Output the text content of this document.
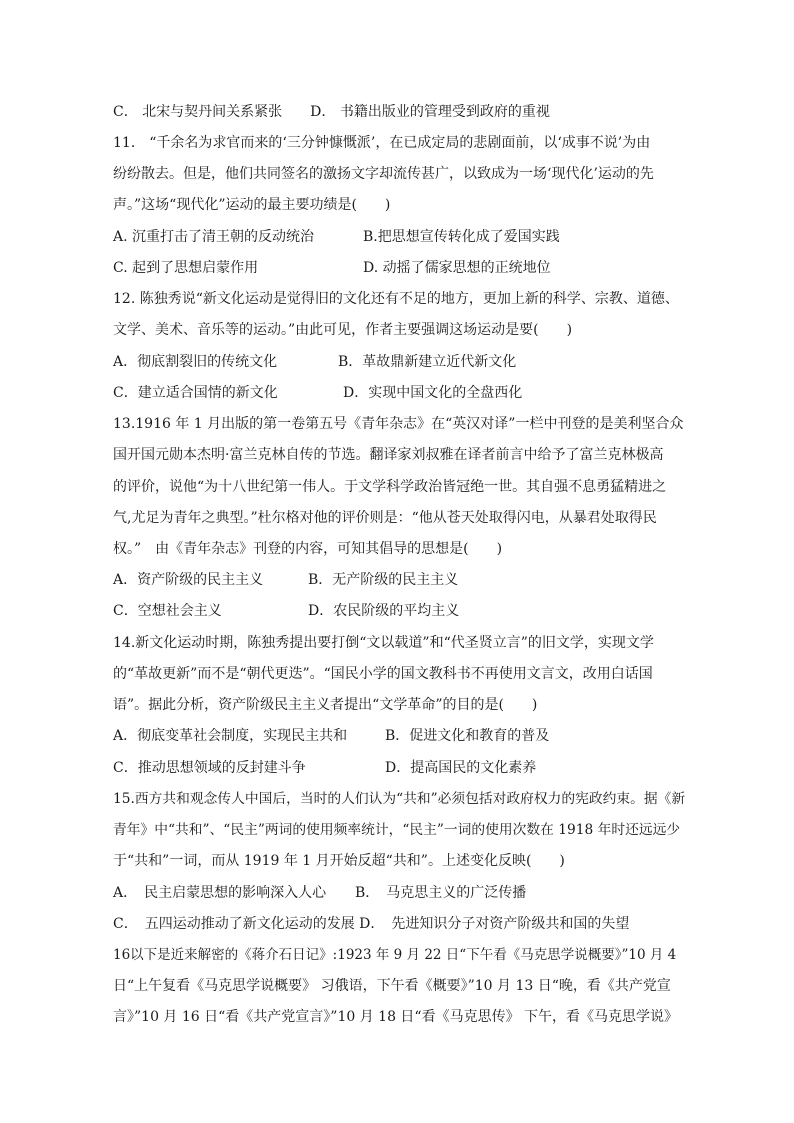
C． 北宋与契丹间关系紧张　　D． 书籍出版业的管理受到政府的重视
11． “千余名为求官而来的‘三分钟慷慨派’，在已成定局的悲剧面前，以‘成事不说’为由
纷纷散去。但是，他们共同签名的激扬文字却流传甚广，以致成为一场‘现代化’运动的先
声。”这场“现代化”运动的最主要功绩是(　　)
A. 沉重打击了清王朝的反动统治	B.把思想宣传转化成了爱国实践
C. 起到了思想启蒙作用	D. 动摇了儒家思想的正统地位
12. 陈独秀说“新文化运动是觉得旧的文化还有不足的地方，更加上新的科学、宗教、道德、
文学、美术、音乐等的运动。”由此可见，作者主要强调这场运动是要(　　)
A．彻底割裂旧的传统文化	B．革故鼎新建立近代新文化
C．建立适合国情的新文化	D．实现中国文化的全盘西化
13.1916 年 1 月出版的第一卷第五号《青年杂志》在“英汉对译”一栏中刊登的是美利坚合众
国开国元勋本杰明·富兰克林自传的节选。翻译家刘叔雅在译者前言中给予了富兰克林极高
的评价，说他“为十八世纪第一伟人。于文学科学政治皆冠绝一世。其自强不息勇猛精进之
气,尤足为青年之典型。”杜尔格对他的评价则是：“他从苍天处取得闪电，从暴君处取得民
权。”　由《青年杂志》刊登的内容，可知其倡导的思想是(　　)
A．资产阶级的民主主义	B．无产阶级的民主主义
C．空想社会主义	D．农民阶级的平均主义
14.新文化运动时期，陈独秀提出要打倒“文以载道”和“代圣贤立言”的旧文学，实现文学
的“革故更新”而不是“朝代更迭”。“国民小学的国文教科书不再使用文言文，改用白话国
语”。据此分析，资产阶级民主主义者提出“文学革命”的目的是(　　)
A．彻底变革社会制度，实现民主共和	B．促进文化和教育的普及
C．推动思想领域的反封建斗争	D．提高国民的文化素养
15.西方共和观念传人中国后，当时的人们认为“共和”必须包括对政府权力的宪政约束。据《新
青年》中“共和”、“民主”两词的使用频率统计，“民主”一词的使用次数在 1918 年时还远远少
于“共和”一词，而从 1919 年 1 月开始反超“共和”。上述变化反映(　　)
A．　民主启蒙思想的影响深入人心 B．　马克思主义的广泛传播
C．　五四运动推动了新文化运动的发展 D．　先进知识分子对资产阶级共和国的失望
16以下是近来解密的《蒋介石日记》:1923 年 9 月 22 日“下午看《马克思学说概要》”10 月 4
日“上午复看《马克思学说概要》 习俄语，下午看《概要》”10 月 13 日“晚，看《共产党宣
言》”10 月 16 日“看《共产党宣言》”10 月 18 日“看《马克思传》 下午，看《马克思学说》
